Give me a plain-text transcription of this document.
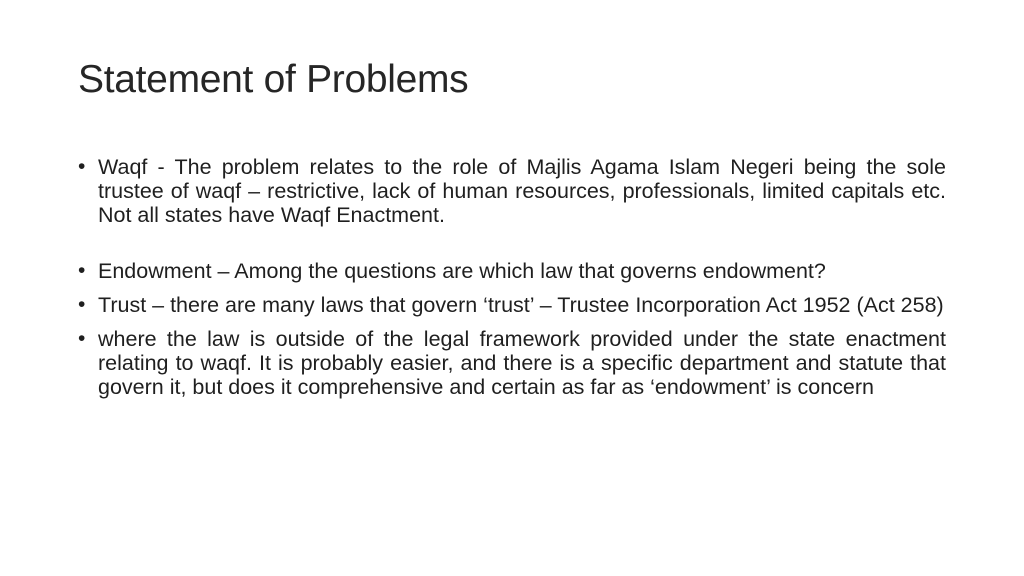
Statement of Problems
• Waqf - The problem relates to the role of Majlis Agama Islam Negeri being the sole trustee of waqf – restrictive, lack of human resources, professionals, limited capitals etc. Not all states have Waqf Enactment.
• Endowment – Among the questions are which law that governs endowment?
• Trust – there are many laws that govern ‘trust’ – Trustee Incorporation Act 1952 (Act 258)
• where the law is outside of the legal framework provided under the state enactment relating to waqf. It is probably easier, and there is a specific department and statute that govern it, but does it comprehensive and certain as far as ‘endowment’ is concern
